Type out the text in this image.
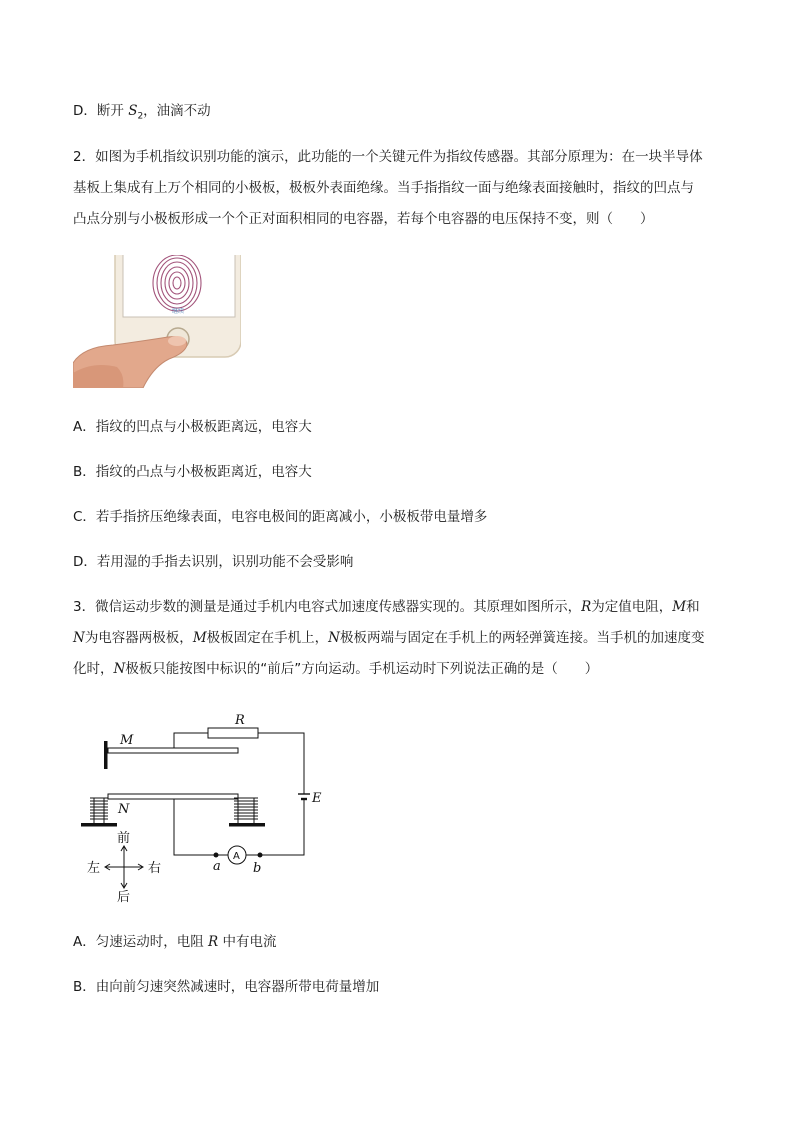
D．断开 $S_2$，油滴不动
2．如图为手机指纹识别功能的演示，此功能的一个关键元件为指纹传感器。其部分原理为：在一块半导体
基板上集成有上万个相同的小极板，极板外表面绝缘。当手指指纹一面与绝缘表面接触时，指纹的凹点与
凸点分别与小极板形成一个个正对面积相同的电容器，若每个电容器的电压保持不变，则（　　）
继续
A．指纹的凹点与小极板距离远，电容大
B．指纹的凸点与小极板距离近，电容大
C．若手指挤压绝缘表面，电容电极间的距离减小，小极板带电量增多
D．若用湿的手指去识别，识别功能不会受影响
3．微信运动步数的测量是通过手机内电容式加速度传感器实现的。其原理如图所示，R为定值电阻，M和
N为电容器两极板，M极板固定在手机上，N极板两端与固定在手机上的两轻弹簧连接。当手机的加速度变
化时，N极板只能按图中标识的“前后”方向运动。手机运动时下列说法正确的是（　　）
R
M
N
E
a b
A
前
后
左	右
A．匀速运动时，电阻 R 中有电流
B．由向前匀速突然减速时，电容器所带电荷量增加
